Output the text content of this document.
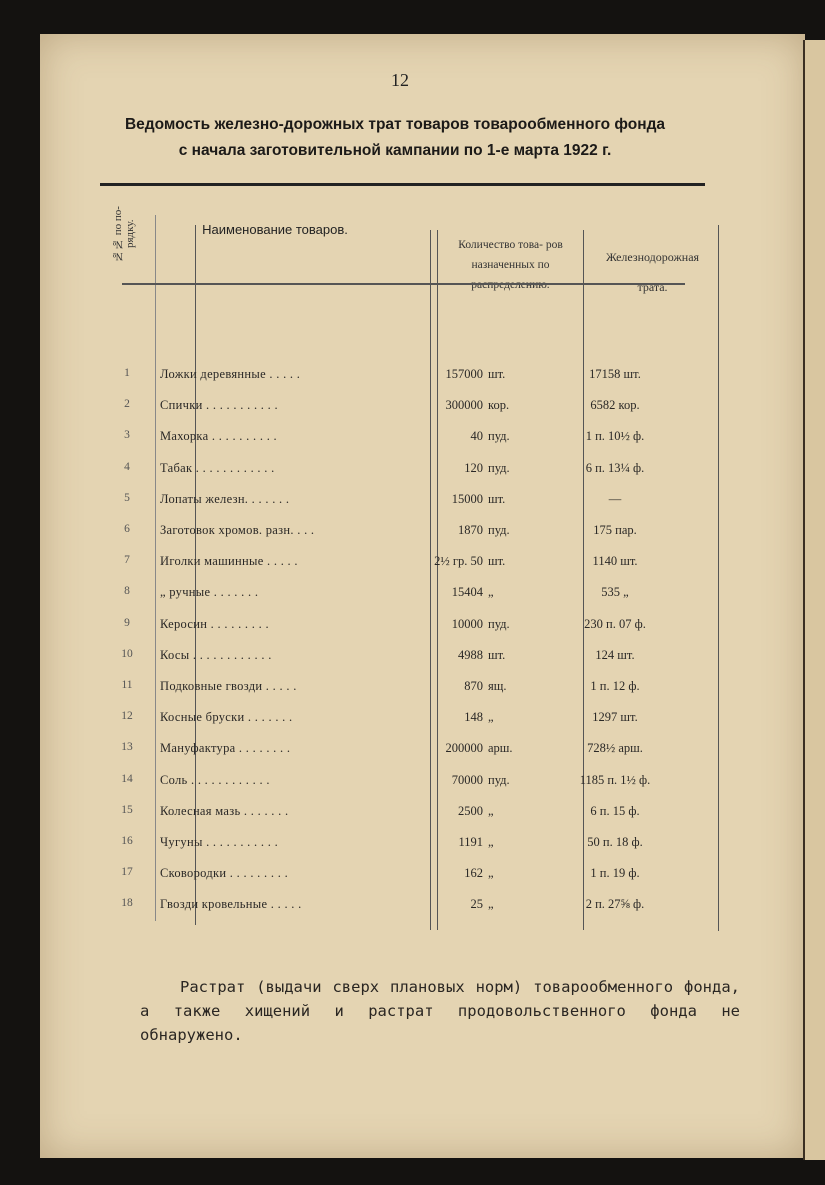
12
Ведомость железно-дорожных трат товаров товарообменного фонда
с начала заготовительной кампании по 1-е марта 1922 г.
№№ по по- рядку.	Наименование товаров.
Количество това- ров назначенных по распределению.
Железнодорожная трата.
1	Ложки деревянные . . . . .	157000 шт.	17158 шт.
2	Спички . . . . . . . . . . .	300000 кор.	6582 кор.
3	Махорка . . . . . . . . . .	40 пуд.	1 п. 10½ ф.
4	Табак . . . . . . . . . . . .	120 пуд.	6 п. 13¼ ф.
5	Лопаты железн. . . . . . .	15000 шт.	—
6	Заготовок хромов. разн. . . .	1870 пуд.	175 пар.
7	Иголки машинные . . . . .	2½ гр. 50 шт.	1140 шт.
8	„ ручные . . . . . . .	15404 „	535 „
9	Керосин . . . . . . . . .	10000 пуд.	230 п. 07 ф.
10	Косы . . . . . . . . . . . .	4988 шт.	124 шт.
11	Подковные гвозди . . . . .	870 ящ.	1 п. 12 ф.
12	Косные бруски . . . . . . .	148 „	1297 шт.
13	Мануфактура . . . . . . . .	200000 арш.	728½ арш.
14	Соль . . . . . . . . . . . .	70000 пуд.	1185 п. 1½ ф.
15	Колесная мазь . . . . . . .	2500 „	6 п. 15 ф.
16	Чугуны . . . . . . . . . . .	1191 „	50 п. 18 ф.
17	Сковородки . . . . . . . . .	162 „	1 п. 19 ф.
18	Гвозди кровельные . . . . .	25 „	2 п. 27⅝ ф.
Растрат (выдачи сверх плановых норм) товарообменного фонда, а также хищений и растрат продовольственного фонда не обнаружено.
